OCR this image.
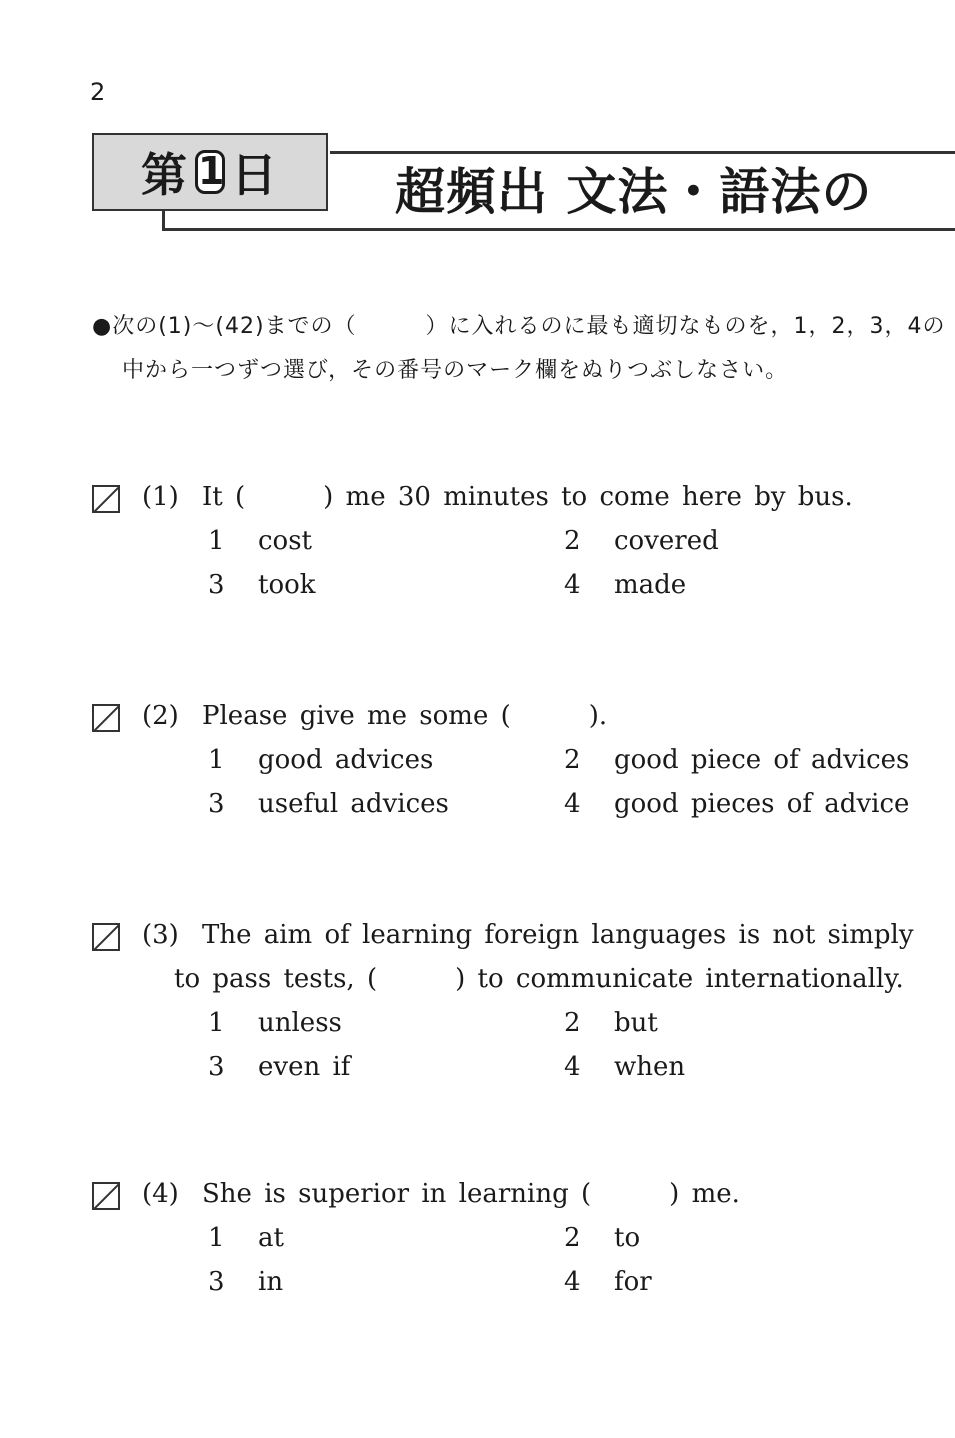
2
第 1 日 超頻出 文法・語法の
●次の(1)～(42)までの（　　　）に入れるのに最も適切なものを，1，2，3，4の中から一つずつ選び，その番号のマーク欄をぬりつぶしなさい。
(1) It (　　　) me 30 minutes to come here by bus.
1 cost	2 covered
3 took	4 made
(2) Please give me some (　　　).
1 good advices	2 good piece of advices
3 useful advices	4 good pieces of advice
(3) The aim of learning foreign languages is not simply
to pass tests, (　　　) to communicate internationally.
1 unless	2 but
3 even if	4 when
(4) She is superior in learning (　　　) me.
1 at	2 to
3 in	4 for
